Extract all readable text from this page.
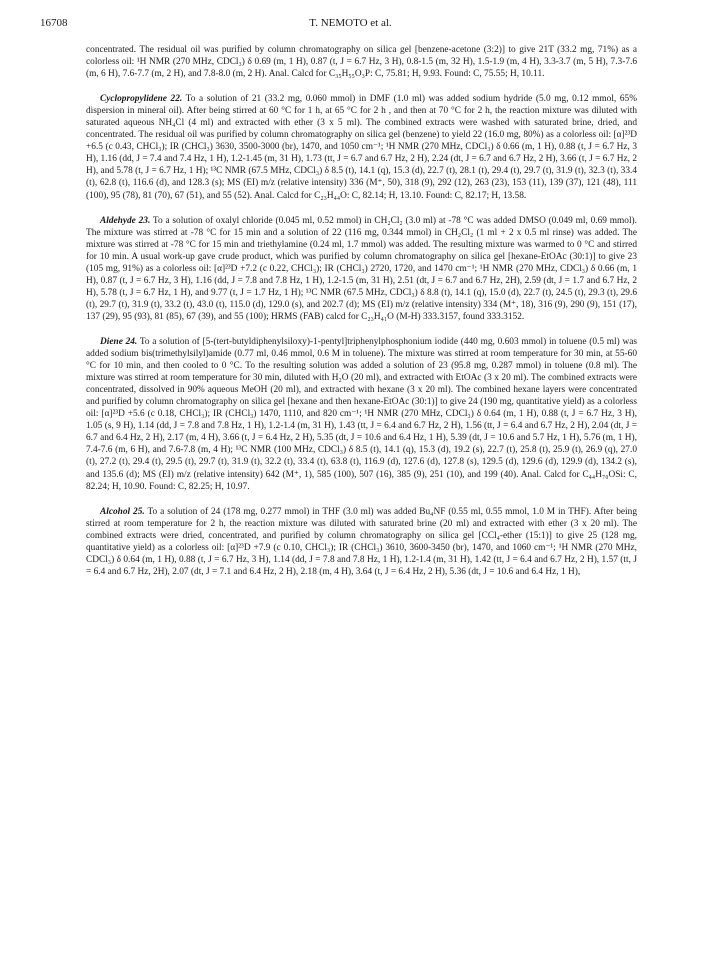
16708	T. NEMOTO et al.

concentrated. The residual oil was purified by column chromatography on silica gel [benzene-acetone (3:2)] to give 21T (33.2 mg, 71%) as a colorless oil: ¹H NMR (270 MHz, CDCl₃) δ 0.69 (m, 1 H), 0.87 (t, J = 6.7 Hz, 3 H), 0.8-1.5 (m, 32 H), 1.5-1.9 (m, 4 H), 3.3-3.7 (m, 5 H), 7.3-7.6 (m, 6 H), 7.6-7.7 (m, 2 H), and 7.8-8.0 (m, 2 H). Anal. Calcd for C₃₅H₅₅O₃P: C, 75.81; H, 9.93. Found: C, 75.55; H, 10.11.

Cyclopropylidene 22. To a solution of 21 (33.2 mg, 0.060 mmol) in DMF (1.0 ml) was added sodium hydride (5.0 mg, 0.12 mmol, 65% dispersion in mineral oil). After being stirred at 60 °C for 1 h, at 65 °C for 2 h , and then at 70 °C for 2 h, the reaction mixture was diluted with saturated aqueous NH₄Cl (4 ml) and extracted with ether (3 x 5 ml). The combined extracts were washed with saturated brine, dried, and concentrated. The residual oil was purified by column chromatography on silica gel (benzene) to yield 22 (16.0 mg, 80%) as a colorless oil: [α]²³D +6.5 (c 0.43, CHCl₃); IR (CHCl₃) 3630, 3500-3000 (br), 1470, and 1050 cm⁻¹; ¹H NMR (270 MHz, CDCl₃) δ 0.66 (m, 1 H), 0.88 (t, J = 6.7 Hz, 3 H), 1.16 (dd, J = 7.4 and 7.4 Hz, 1 H), 1.2-1.45 (m, 31 H), 1.73 (tt, J = 6.7 and 6.7 Hz, 2 H), 2.24 (dt, J = 6.7 and 6.7 Hz, 2 H), 3.66 (t, J = 6.7 Hz, 2 H), and 5.78 (t, J = 6.7 Hz, 1 H); ¹³C NMR (67.5 MHz, CDCl₃) δ 8.5 (t), 14.1 (q), 15.3 (d), 22.7 (t), 28.1 (t), 29.4 (t), 29.7 (t), 31.9 (t), 32.3 (t), 33.4 (t), 62.8 (t), 116.6 (d), and 128.3 (s); MS (EI) m/z (relative intensity) 336 (M⁺, 50), 318 (9), 292 (12), 263 (23), 153 (11), 139 (37), 121 (48), 111 (100), 95 (78), 81 (70), 67 (51), and 55 (52). Anal. Calcd for C₂₃H₄₄O: C, 82.14; H, 13.10. Found: C, 82.17; H, 13.58.

Aldehyde 23. To a solution of oxalyl chloride (0.045 ml, 0.52 mmol) in CH₂Cl₂ (3.0 ml) at -78 °C was added DMSO (0.049 ml, 0.69 mmol). The mixture was stirred at -78 °C for 15 min and a solution of 22 (116 mg, 0.344 mmol) in CH₂Cl₂ (1 ml + 2 x 0.5 ml rinse) was added. The mixture was stirred at -78 °C for 15 min and triethylamine (0.24 ml, 1.7 mmol) was added. The resulting mixture was warmed to 0 °C and stirred for 10 min. A usual work-up gave crude product, which was purified by column chromatography on silica gel [hexane-EtOAc (30:1)] to give 23 (105 mg, 91%) as a colorless oil: [α]²³D +7.2 (c 0.22, CHCl₃); IR (CHCl₃) 2720, 1720, and 1470 cm⁻¹; ¹H NMR (270 MHz, CDCl₃) δ 0.66 (m, 1 H), 0.87 (t, J = 6.7 Hz, 3 H), 1.16 (dd, J = 7.8 and 7.8 Hz, 1 H), 1.2-1.5 (m, 31 H), 2.51 (dt, J = 6.7 and 6.7 Hz, 2H), 2.59 (dt, J = 1.7 and 6.7 Hz, 2 H), 5.78 (t, J = 6.7 Hz, 1 H), and 9.77 (t, J = 1.7 Hz, 1 H); ¹³C NMR (67.5 MHz, CDCl₃) δ 8.8 (t), 14.1 (q), 15.0 (d), 22.7 (t), 24.5 (t), 29.3 (t), 29.6 (t), 29.7 (t), 31.9 (t), 33.2 (t), 43.0 (t), 115.0 (d), 129.0 (s), and 202.7 (d); MS (EI) m/z (relative intensity) 334 (M⁺, 18), 316 (9), 290 (9), 151 (17), 137 (29), 95 (93), 81 (85), 67 (39), and 55 (100); HRMS (FAB) calcd for C₂₃H₄₁O (M-H) 333.3157, found 333.3152.

Diene 24. To a solution of [5-(tert-butyldiphenylsiloxy)-1-pentyl]triphenylphosphonium iodide (440 mg, 0.603 mmol) in toluene (0.5 ml) was added sodium bis(trimethylsilyl)amide (0.77 ml, 0.46 mmol, 0.6 M in toluene). The mixture was stirred at room temperature for 30 min, at 55-60 °C for 10 min, and then cooled to 0 °C. To the resulting solution was added a solution of 23 (95.8 mg, 0.287 mmol) in toluene (0.8 ml). The mixture was stirred at room temperature for 30 min, diluted with H₂O (20 ml), and extracted with EtOAc (3 x 20 ml). The combined extracts were concentrated, dissolved in 90% aqueous MeOH (20 ml), and extracted with hexane (3 x 20 ml). The combined hexane layers were concentrated and purified by column chromatography on silica gel [hexane and then hexane-EtOAc (30:1)] to give 24 (190 mg, quantitative yield) as a colorless oil: [α]²³D +5.6 (c 0.18, CHCl₃); IR (CHCl₃) 1470, 1110, and 820 cm⁻¹; ¹H NMR (270 MHz, CDCl₃) δ 0.64 (m, 1 H), 0.88 (t, J = 6.7 Hz, 3 H), 1.05 (s, 9 H), 1.14 (dd, J = 7.8 and 7.8 Hz, 1 H), 1.2-1.4 (m, 31 H), 1.43 (tt, J = 6.4 and 6.7 Hz, 2 H), 1.56 (tt, J = 6.4 and 6.7 Hz, 2 H), 2.04 (dt, J = 6.7 and 6.4 Hz, 2 H), 2.17 (m, 4 H), 3.66 (t, J = 6.4 Hz, 2 H), 5.35 (dt, J = 10.6 and 6.4 Hz, 1 H), 5.39 (dt, J = 10.6 and 5.7 Hz, 1 H), 5.76 (m, 1 H), 7.4-7.6 (m, 6 H), and 7.6-7.8 (m, 4 H); ¹³C NMR (100 MHz, CDCl₃) δ 8.5 (t), 14.1 (q), 15.3 (d), 19.2 (s), 22.7 (t), 25.8 (t), 25.9 (t), 26.9 (q), 27.0 (t), 27.2 (t), 29.4 (t), 29.5 (t), 29.7 (t), 31.9 (t), 32.2 (t), 33.4 (t), 63.8 (t), 116.9 (d), 127.6 (d), 127.8 (s), 129.5 (d), 129.6 (d), 129.9 (d), 134.2 (s), and 135.6 (d); MS (EI) m/z (relative intensity) 642 (M⁺, 1), 585 (100), 507 (16), 385 (9), 251 (10), and 199 (40). Anal. Calcd for C₄₄H₇₀OSi: C, 82.24; H, 10.90. Found: C, 82.25; H, 10.97.

Alcohol 25. To a solution of 24 (178 mg, 0.277 mmol) in THF (3.0 ml) was added Bu₄NF (0.55 ml, 0.55 mmol, 1.0 M in THF). After being stirred at room temperature for 2 h, the reaction mixture was diluted with saturated brine (20 ml) and extracted with ether (3 x 20 ml). The combined extracts were dried, concentrated, and purified by column chromatography on silica gel [CCl₄-ether (15:1)] to give 25 (128 mg, quantitative yield) as a colorless oil: [α]²³D +7.9 (c 0.10, CHCl₃); IR (CHCl₃) 3610, 3600-3450 (br), 1470, and 1060 cm⁻¹; ¹H NMR (270 MHz, CDCl₃) δ 0.64 (m, 1 H), 0.88 (t, J = 6.7 Hz, 3 H), 1.14 (dd, J = 7.8 and 7.8 Hz, 1 H), 1.2-1.4 (m, 31 H), 1.42 (tt, J = 6.4 and 6.7 Hz, 2 H), 1.57 (tt, J = 6.4 and 6.7 Hz, 2H), 2.07 (dt, J = 7.1 and 6.4 Hz, 2 H), 2.18 (m, 4 H), 3.64 (t, J = 6.4 Hz, 2 H), 5.36 (dt, J = 10.6 and 6.4 Hz, 1 H),
